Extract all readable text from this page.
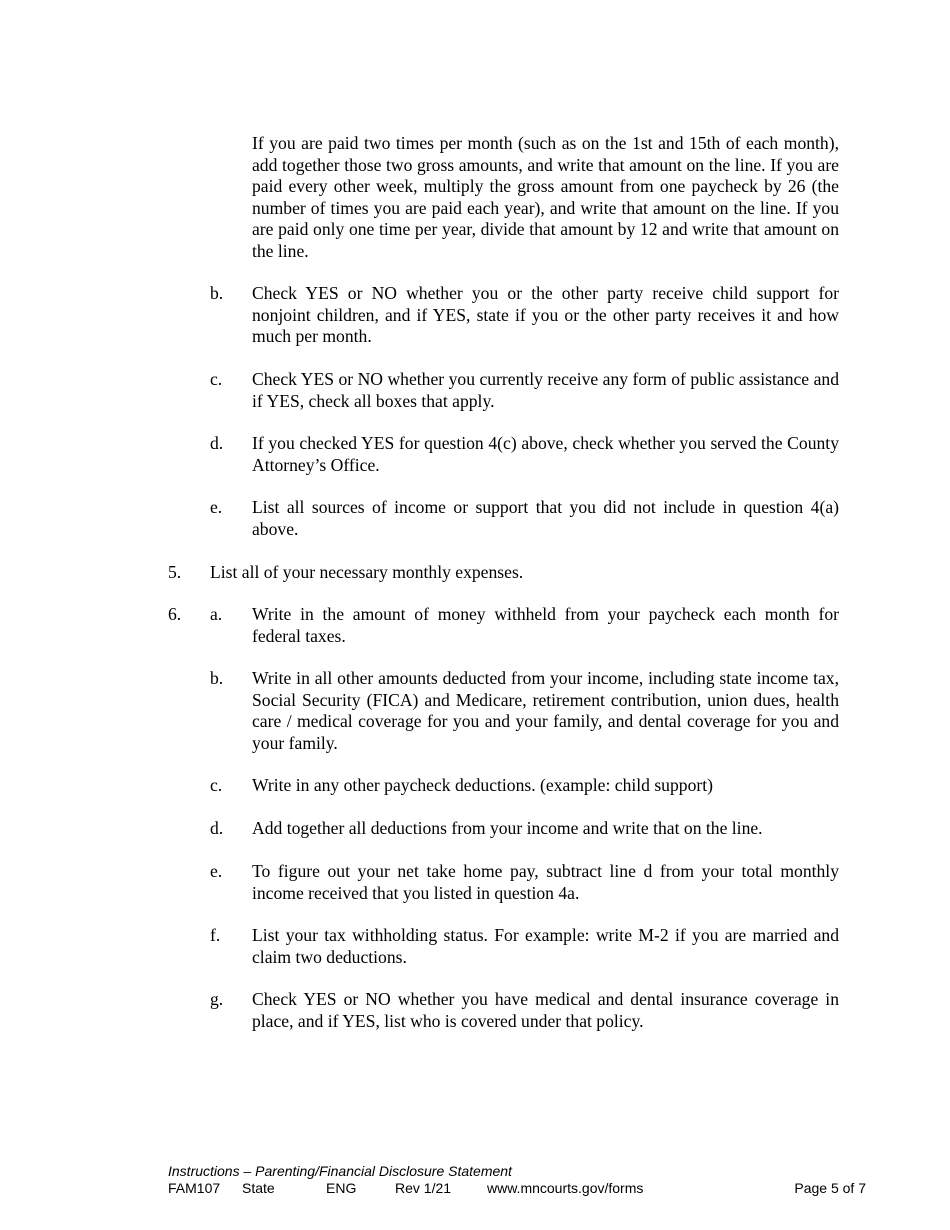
If you are paid two times per month (such as on the 1st and 15th of each month), add together those two gross amounts, and write that amount on the line. If you are paid every other week, multiply the gross amount from one paycheck by 26 (the number of times you are paid each year), and write that amount on the line. If you are paid only one time per year, divide that amount by 12 and write that amount on the line.

b. Check YES or NO whether you or the other party receive child support for nonjoint children, and if YES, state if you or the other party receives it and how much per month.

c. Check YES or NO whether you currently receive any form of public assistance and if YES, check all boxes that apply.

d. If you checked YES for question 4(c) above, check whether you served the County Attorney’s Office.

e. List all sources of income or support that you did not include in question 4(a) above.

5. List all of your necessary monthly expenses.

6. a. Write in the amount of money withheld from your paycheck each month for federal taxes.

b. Write in all other amounts deducted from your income, including state income tax, Social Security (FICA) and Medicare, retirement contribution, union dues, health care / medical coverage for you and your family, and dental coverage for you and your family.

c. Write in any other paycheck deductions. (example: child support)

d. Add together all deductions from your income and write that on the line.

e. To figure out your net take home pay, subtract line d from your total monthly income received that you listed in question 4a.

f. List your tax withholding status. For example: write M-2 if you are married and claim two deductions.

g. Check YES or NO whether you have medical and dental insurance coverage in place, and if YES, list who is covered under that policy.

Instructions – Parenting/Financial Disclosure Statement
FAM107 State	ENG	Rev 1/21	www.mncourts.gov/forms	Page 5 of 7
